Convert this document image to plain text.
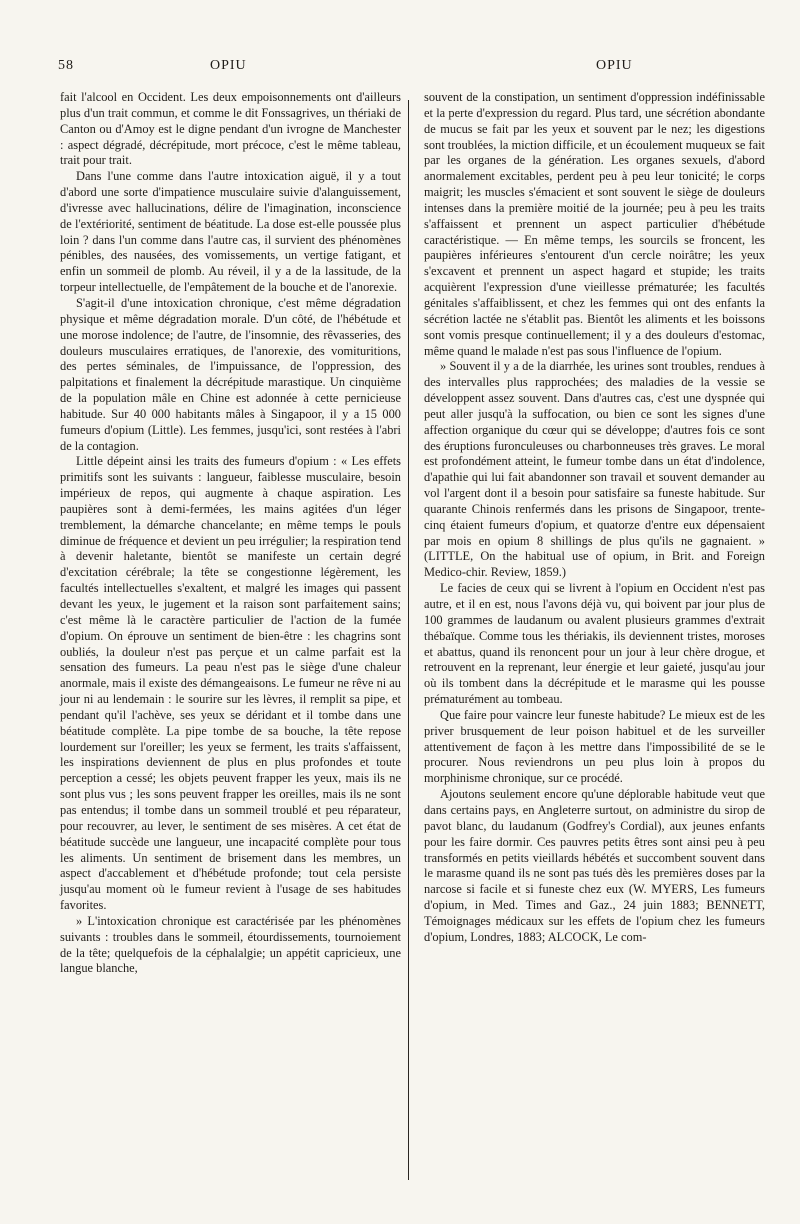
58	OPIU	OPIU

fait l'alcool en Occident. Les deux empoisonnements ont d'ailleurs plus d'un trait commun, et comme le dit Fonssagrives, un thériaki de Canton ou d'Amoy est le digne pendant d'un ivrogne de Manchester : aspect dégradé, décrépitude, mort précoce, c'est le même tableau, trait pour trait.

Dans l'une comme dans l'autre intoxication aiguë, il y a tout d'abord une sorte d'impatience musculaire suivie d'alanguissement, d'ivresse avec hallucinations, délire de l'imagination, inconscience de l'extériorité, sentiment de béatitude. La dose est-elle poussée plus loin ? dans l'un comme dans l'autre cas, il survient des phénomènes pénibles, des nausées, des vomissements, un vertige fatigant, et enfin un sommeil de plomb. Au réveil, il y a de la lassitude, de la torpeur intellectuelle, de l'empâtement de la bouche et de l'anorexie.

S'agit-il d'une intoxication chronique, c'est même dégradation physique et même dégradation morale. D'un côté, de l'hébétude et une morose indolence; de l'autre, de l'insomnie, des rêvasseries, des douleurs musculaires erratiques, de l'anorexie, des vomituritions, des pertes séminales, de l'impuissance, de l'oppression, des palpitations et finalement la décrépitude marastique. Un cinquième de la population mâle en Chine est adonnée à cette pernicieuse habitude. Sur 40 000 habitants mâles à Singapoor, il y a 15 000 fumeurs d'opium (Little). Les femmes, jusqu'ici, sont restées à l'abri de la contagion.

Little dépeint ainsi les traits des fumeurs d'opium : « Les effets primitifs sont les suivants : langueur, faiblesse musculaire, besoin impérieux de repos, qui augmente à chaque aspiration. Les paupières sont à demi-fermées, les mains agitées d'un léger tremblement, la démarche chancelante; en même temps le pouls diminue de fréquence et devient un peu irrégulier; la respiration tend à devenir haletante, bientôt se manifeste un certain degré d'excitation cérébrale; la tête se congestionne légèrement, les facultés intellectuelles s'exaltent, et malgré les images qui passent devant les yeux, le jugement et la raison sont parfaitement sains; c'est même là le caractère particulier de l'action de la fumée d'opium. On éprouve un sentiment de bien-être : les chagrins sont oubliés, la douleur n'est pas perçue et un calme parfait est la sensation des fumeurs. La peau n'est pas le siège d'une chaleur anormale, mais il existe des démangeaisons. Le fumeur ne rêve ni au jour ni au lendemain : le sourire sur les lèvres, il remplit sa pipe, et pendant qu'il l'achève, ses yeux se déridant et il tombe dans une béatitude complète. La pipe tombe de sa bouche, la tête repose lourdement sur l'oreiller; les yeux se ferment, les traits s'affaissent, les inspirations deviennent de plus en plus profondes et toute perception a cessé; les objets peuvent frapper les yeux, mais ils ne sont plus vus ; les sons peuvent frapper les oreilles, mais ils ne sont pas entendus; il tombe dans un sommeil troublé et peu réparateur, pour recouvrer, au lever, le sentiment de ses misères. A cet état de béatitude succède une langueur, une incapacité complète pour tous les aliments. Un sentiment de brisement dans les membres, un aspect d'accablement et d'hébétude profonde; tout cela persiste jusqu'au moment où le fumeur revient à l'usage de ses habitudes favorites.

» L'intoxication chronique est caractérisée par les phénomènes suivants : troubles dans le sommeil, étourdissements, tournoiement de la tête; quelquefois de la céphalalgie; un appétit capricieux, une langue blanche,

souvent de la constipation, un sentiment d'oppression indéfinissable et la perte d'expression du regard. Plus tard, une sécrétion abondante de mucus se fait par les yeux et souvent par le nez; les digestions sont troublées, la miction difficile, et un écoulement muqueux se fait par les organes de la génération. Les organes sexuels, d'abord anormalement excitables, perdent peu à peu leur tonicité; le corps maigrit; les muscles s'émacient et sont souvent le siège de douleurs intenses dans la première moitié de la journée; peu à peu les traits s'affaissent et prennent un aspect particulier d'hébétude caractéristique. — En même temps, les sourcils se froncent, les paupières inférieures s'entourent d'un cercle noirâtre; les yeux s'excavent et prennent un aspect hagard et stupide; les traits acquièrent l'expression d'une vieillesse prématurée; les facultés génitales s'affaiblissent, et chez les femmes qui ont des enfants la sécrétion lactée ne s'établit pas. Bientôt les aliments et les boissons sont vomis presque continuellement; il y a des douleurs d'estomac, même quand le malade n'est pas sous l'influence de l'opium.

» Souvent il y a de la diarrhée, les urines sont troubles, rendues à des intervalles plus rapprochées; des maladies de la vessie se développent assez souvent. Dans d'autres cas, c'est une dyspnée qui peut aller jusqu'à la suffocation, ou bien ce sont les signes d'une affection organique du cœur qui se développe; d'autres fois ce sont des éruptions furonculeuses ou charbonneuses très graves. Le moral est profondément atteint, le fumeur tombe dans un état d'indolence, d'apathie qui lui fait abandonner son travail et souvent demander au vol l'argent dont il a besoin pour satisfaire sa funeste habitude. Sur quarante Chinois renfermés dans les prisons de Singapoor, trente-cinq étaient fumeurs d'opium, et quatorze d'entre eux dépensaient par mois en opium 8 shillings de plus qu'ils ne gagnaient. » (LITTLE, On the habitual use of opium, in Brit. and Foreign Medico-chir. Review, 1859.)

Le facies de ceux qui se livrent à l'opium en Occident n'est pas autre, et il en est, nous l'avons déjà vu, qui boivent par jour plus de 100 grammes de laudanum ou avalent plusieurs grammes d'extrait thébaïque. Comme tous les thériakis, ils deviennent tristes, moroses et abattus, quand ils renoncent pour un jour à leur chère drogue, et retrouvent en la reprenant, leur énergie et leur gaieté, jusqu'au jour où ils tombent dans la décrépitude et le marasme qui les pousse prématurément au tombeau.

Que faire pour vaincre leur funeste habitude? Le mieux est de les priver brusquement de leur poison habituel et de les surveiller attentivement de façon à les mettre dans l'impossibilité de se le procurer. Nous reviendrons un peu plus loin à propos du morphinisme chronique, sur ce procédé.

Ajoutons seulement encore qu'une déplorable habitude veut que dans certains pays, en Angleterre surtout, on administre du sirop de pavot blanc, du laudanum (Godfrey's Cordial), aux jeunes enfants pour les faire dormir. Ces pauvres petits êtres sont ainsi peu à peu transformés en petits vieillards hébétés et succombent souvent dans le marasme quand ils ne sont pas tués dès les premières doses par la narcose si facile et si funeste chez eux (W. MYERS, Les fumeurs d'opium, in Med. Times and Gaz., 24 juin 1883; BENNETT, Témoignages médicaux sur les effets de l'opium chez les fumeurs d'opium, Londres, 1883; ALCOCK, Le com-
